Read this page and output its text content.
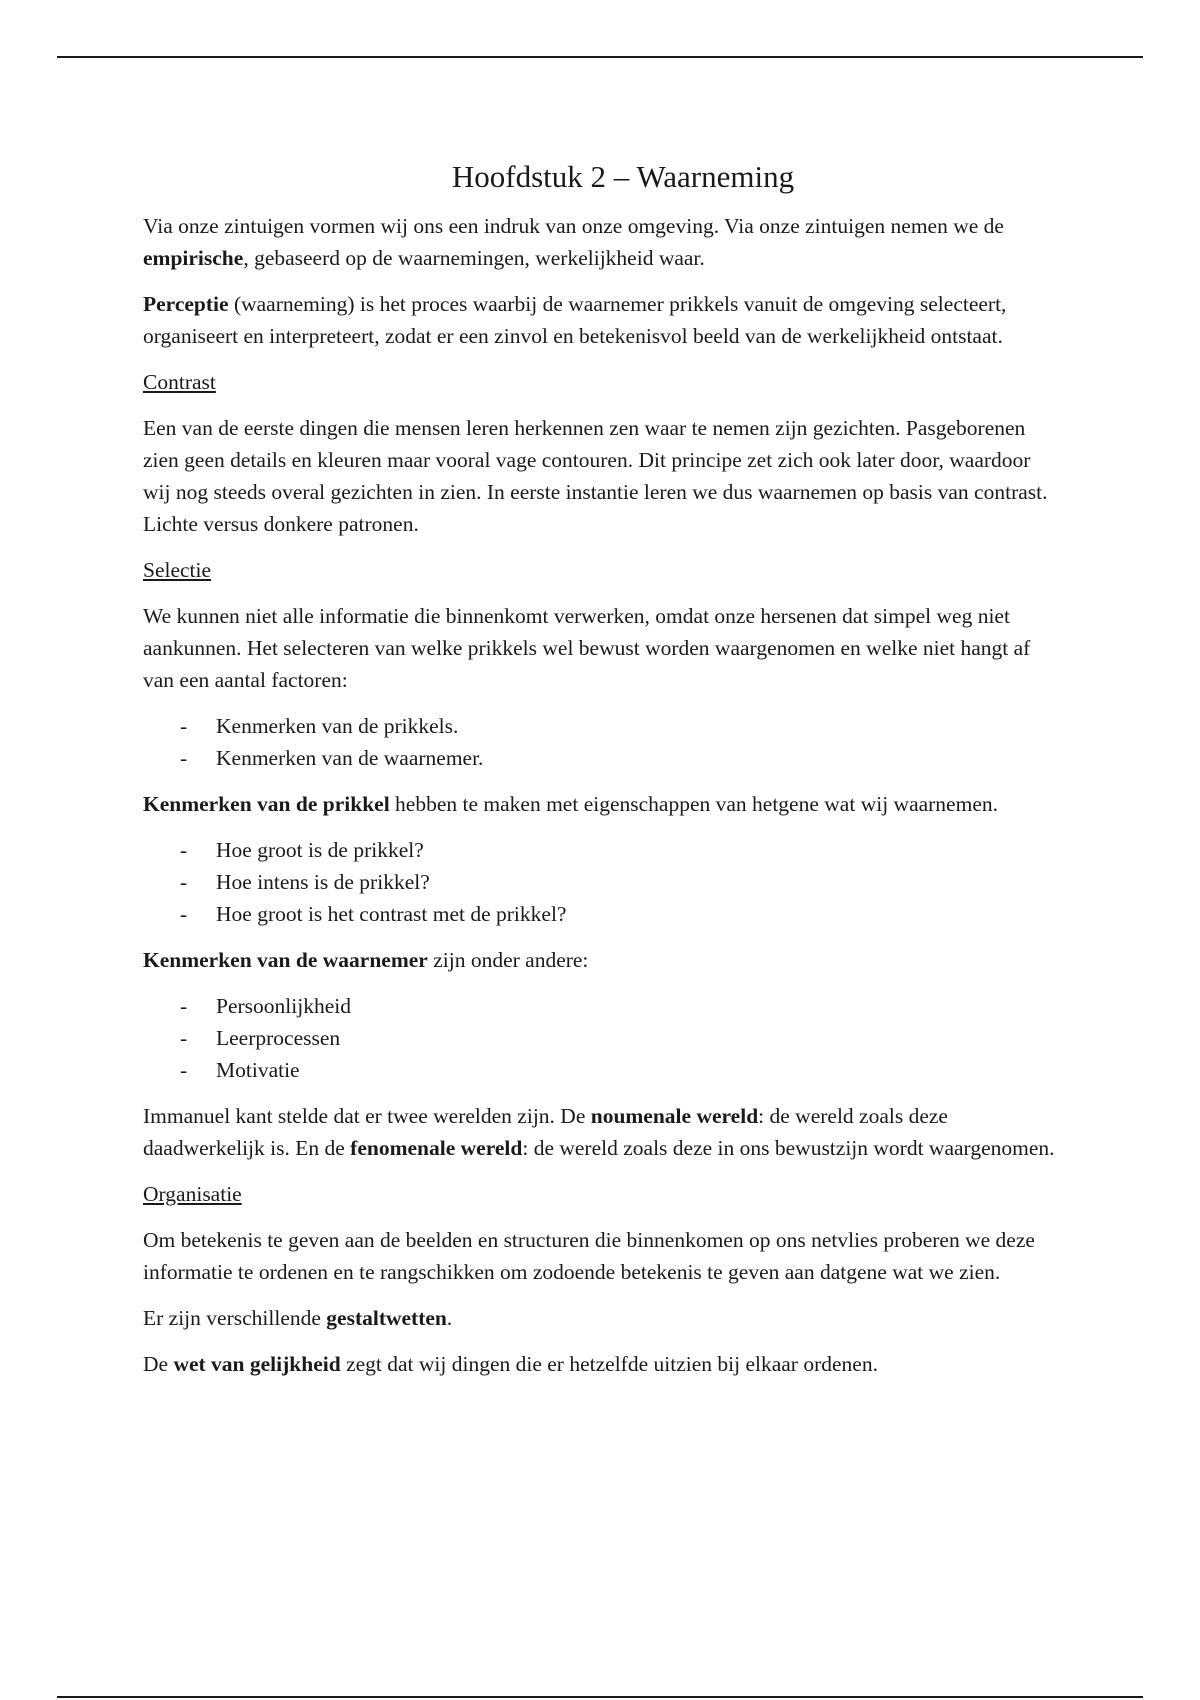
Hoofdstuk 2 – Waarneming

Via onze zintuigen vormen wij ons een indruk van onze omgeving. Via onze zintuigen nemen we de empirische, gebaseerd op de waarnemingen, werkelijkheid waar.

Perceptie (waarneming) is het proces waarbij de waarnemer prikkels vanuit de omgeving selecteert, organiseert en interpreteert, zodat er een zinvol en betekenisvol beeld van de werkelijkheid ontstaat.

Contrast

Een van de eerste dingen die mensen leren herkennen zen waar te nemen zijn gezichten. Pasgeborenen zien geen details en kleuren maar vooral vage contouren. Dit principe zet zich ook later door, waardoor wij nog steeds overal gezichten in zien. In eerste instantie leren we dus waarnemen op basis van contrast. Lichte versus donkere patronen.

Selectie

We kunnen niet alle informatie die binnenkomt verwerken, omdat onze hersenen dat simpel weg niet aankunnen. Het selecteren van welke prikkels wel bewust worden waargenomen en welke niet hangt af van een aantal factoren:

- Kenmerken van de prikkels.
- Kenmerken van de waarnemer.

Kenmerken van de prikkel hebben te maken met eigenschappen van hetgene wat wij waarnemen.

- Hoe groot is de prikkel?
- Hoe intens is de prikkel?
- Hoe groot is het contrast met de prikkel?

Kenmerken van de waarnemer zijn onder andere:

- Persoonlijkheid
- Leerprocessen
- Motivatie

Immanuel kant stelde dat er twee werelden zijn. De noumenale wereld: de wereld zoals deze daadwerkelijk is. En de fenomenale wereld: de wereld zoals deze in ons bewustzijn wordt waargenomen.

Organisatie

Om betekenis te geven aan de beelden en structuren die binnenkomen op ons netvlies proberen we deze informatie te ordenen en te rangschikken om zodoende betekenis te geven aan datgene wat we zien.

Er zijn verschillende gestaltwetten.

De wet van gelijkheid zegt dat wij dingen die er hetzelfde uitzien bij elkaar ordenen.
